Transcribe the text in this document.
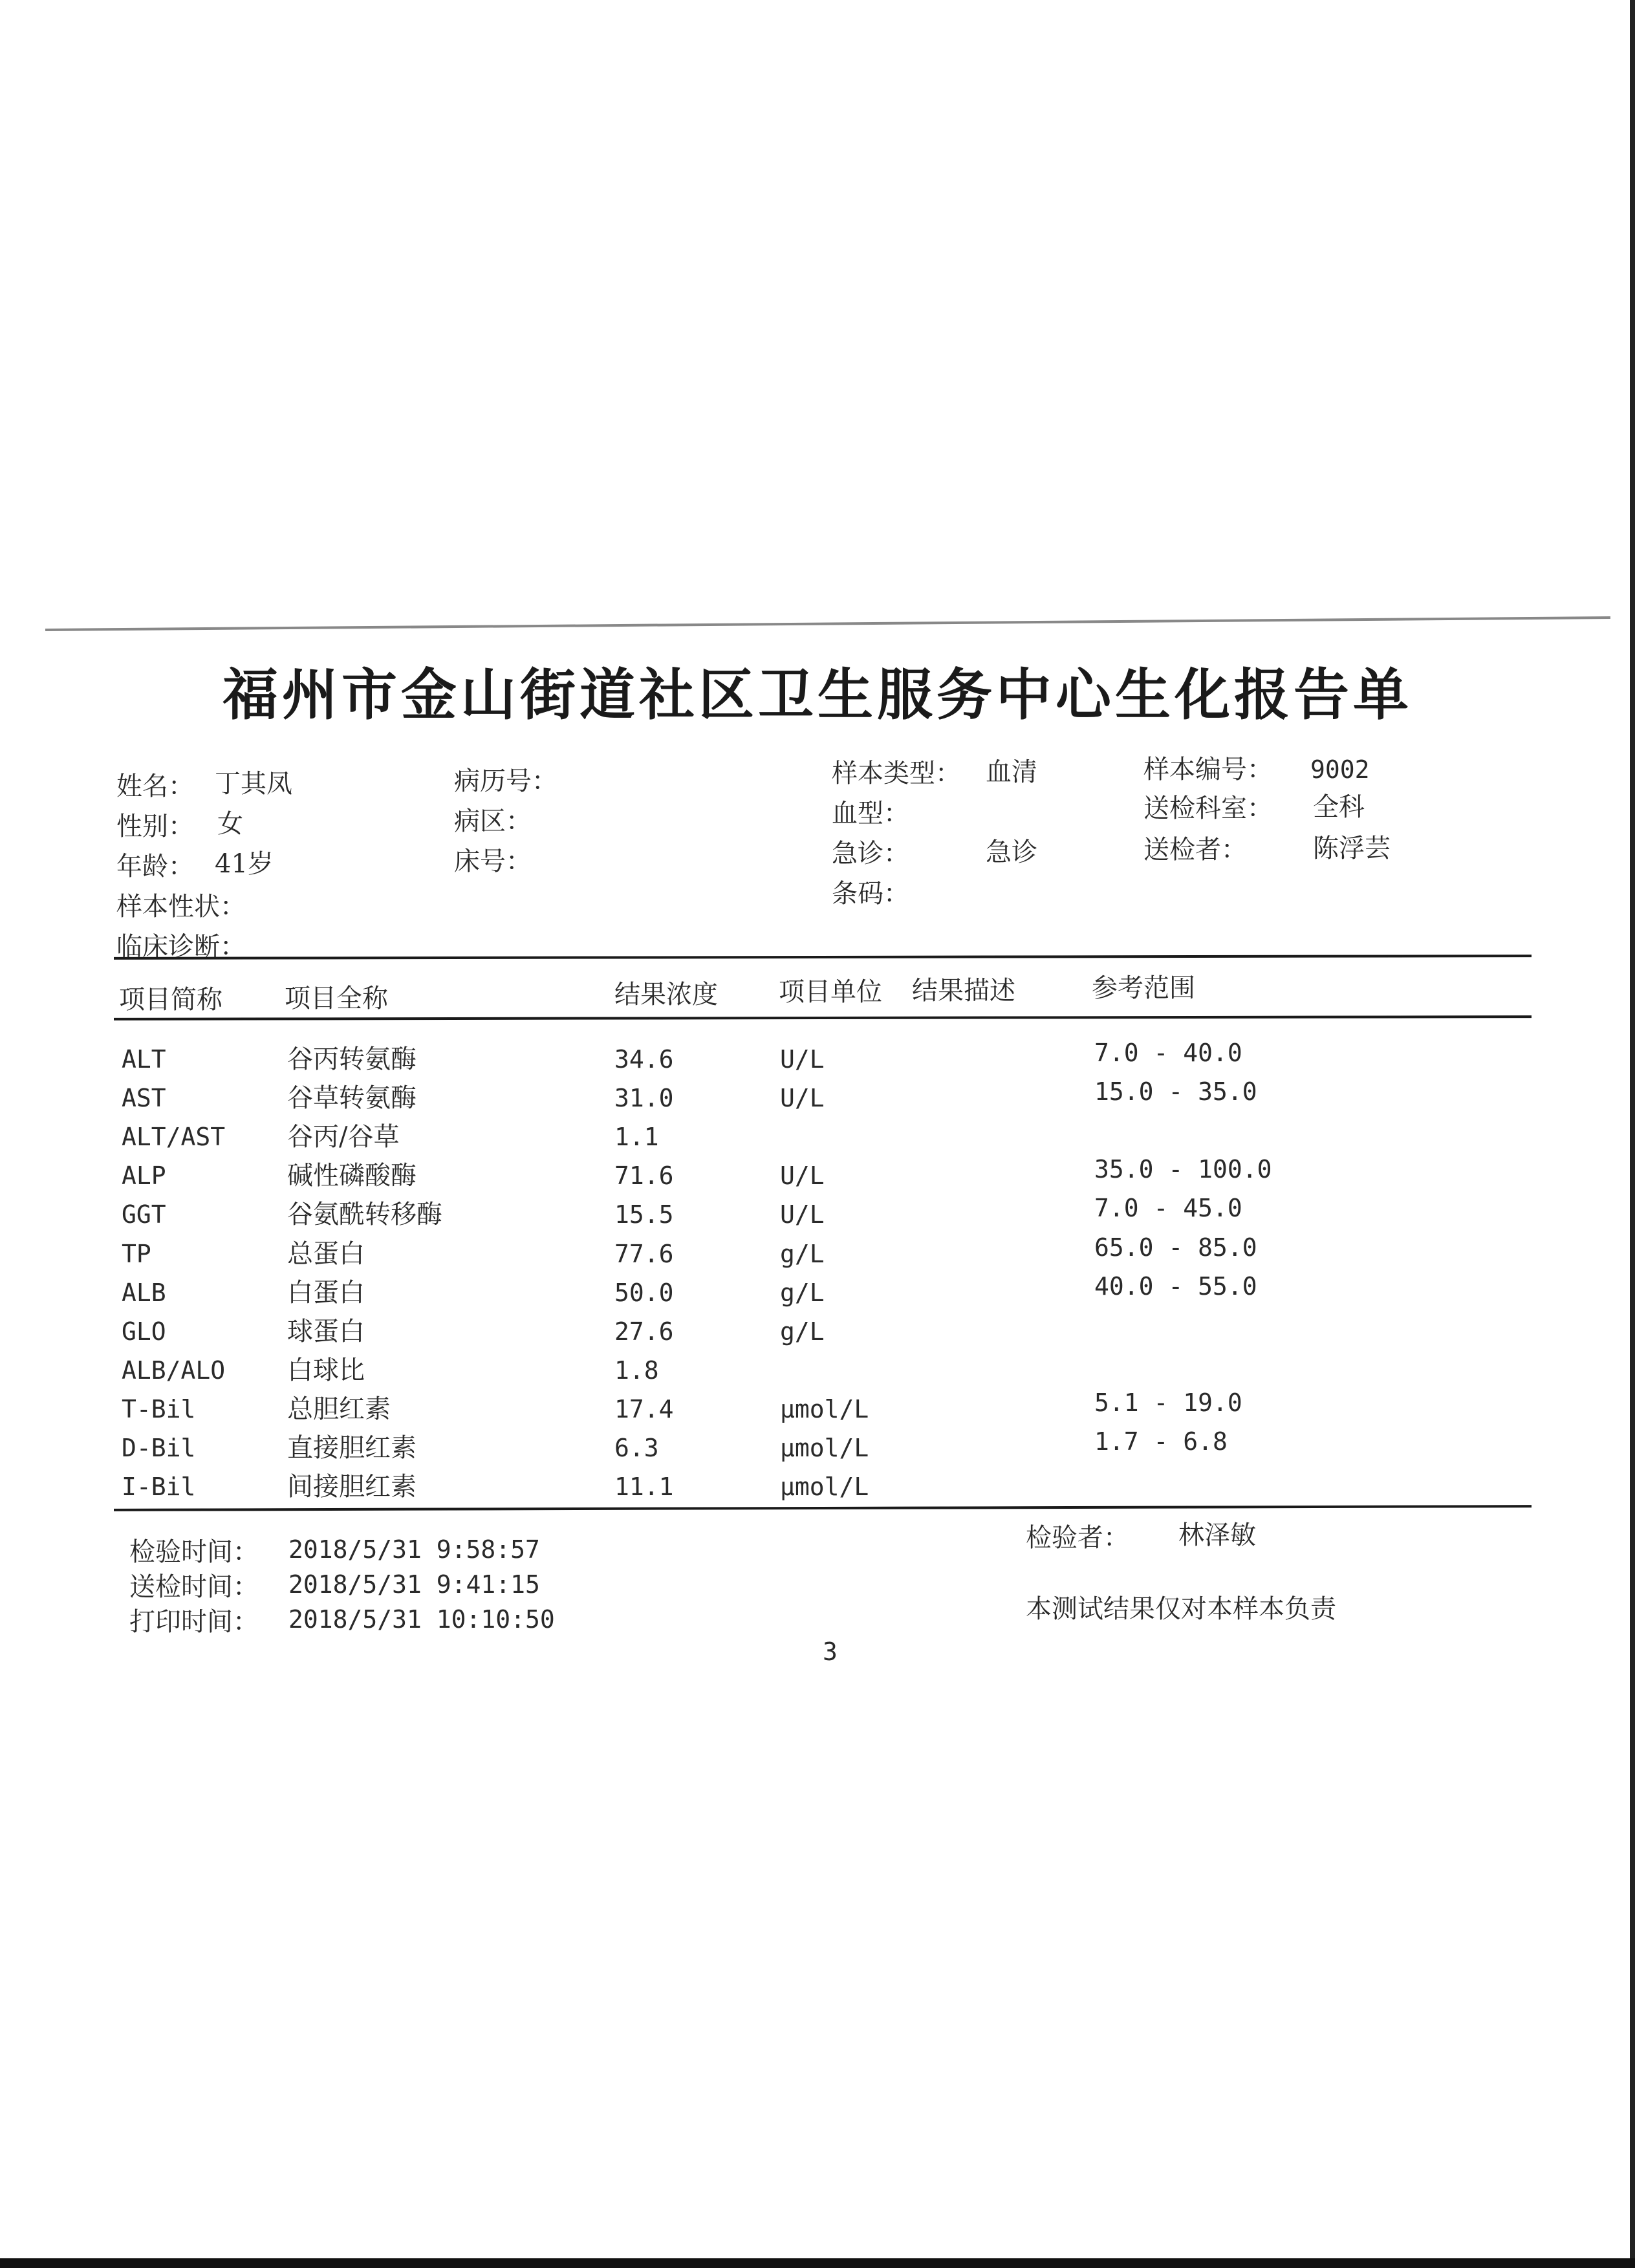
福州市金山街道社区卫生服务中心生化报告单
姓名： 丁其凤
性别： 女
年龄： 41岁
样本性状：
临床诊断：
病历号：
病区：
床号：
样本类型： 血清
血型：
急诊：	急诊
条码：
样本编号： 9002
送检科室： 全科
送检者：	陈浮芸
项目简称 项目全称	结果浓度 项目单位 结果描述	参考范围
ALT	谷丙转氨酶	34.6	U/L	7.0 - 40.0
AST	谷草转氨酶	31.0	U/L	15.0 - 35.0
ALT/AST 谷丙/谷草	1.1
ALP	碱性磷酸酶	71.6	U/L	35.0 - 100.0
GGT	谷氨酰转移酶	15.5	U/L	7.0 - 45.0
TP	总蛋白	77.6	g/L	65.0 - 85.0
ALB	白蛋白	50.0	g/L	40.0 - 55.0
GLO	球蛋白	27.6	g/L
ALB/ALO 白球比	1.8
T-Bil	总胆红素	17.4	μmol/L	5.1 - 19.0
D-Bil	直接胆红素	6.3	μmol/L	1.7 - 6.8
I-Bil	间接胆红素	11.1	μmol/L
检验时间： 2018/5/31 9:58:57
送检时间： 2018/5/31 9:41:15
打印时间： 2018/5/31 10:10:50
检验者： 林泽敏
本测试结果仅对本样本负责
3
